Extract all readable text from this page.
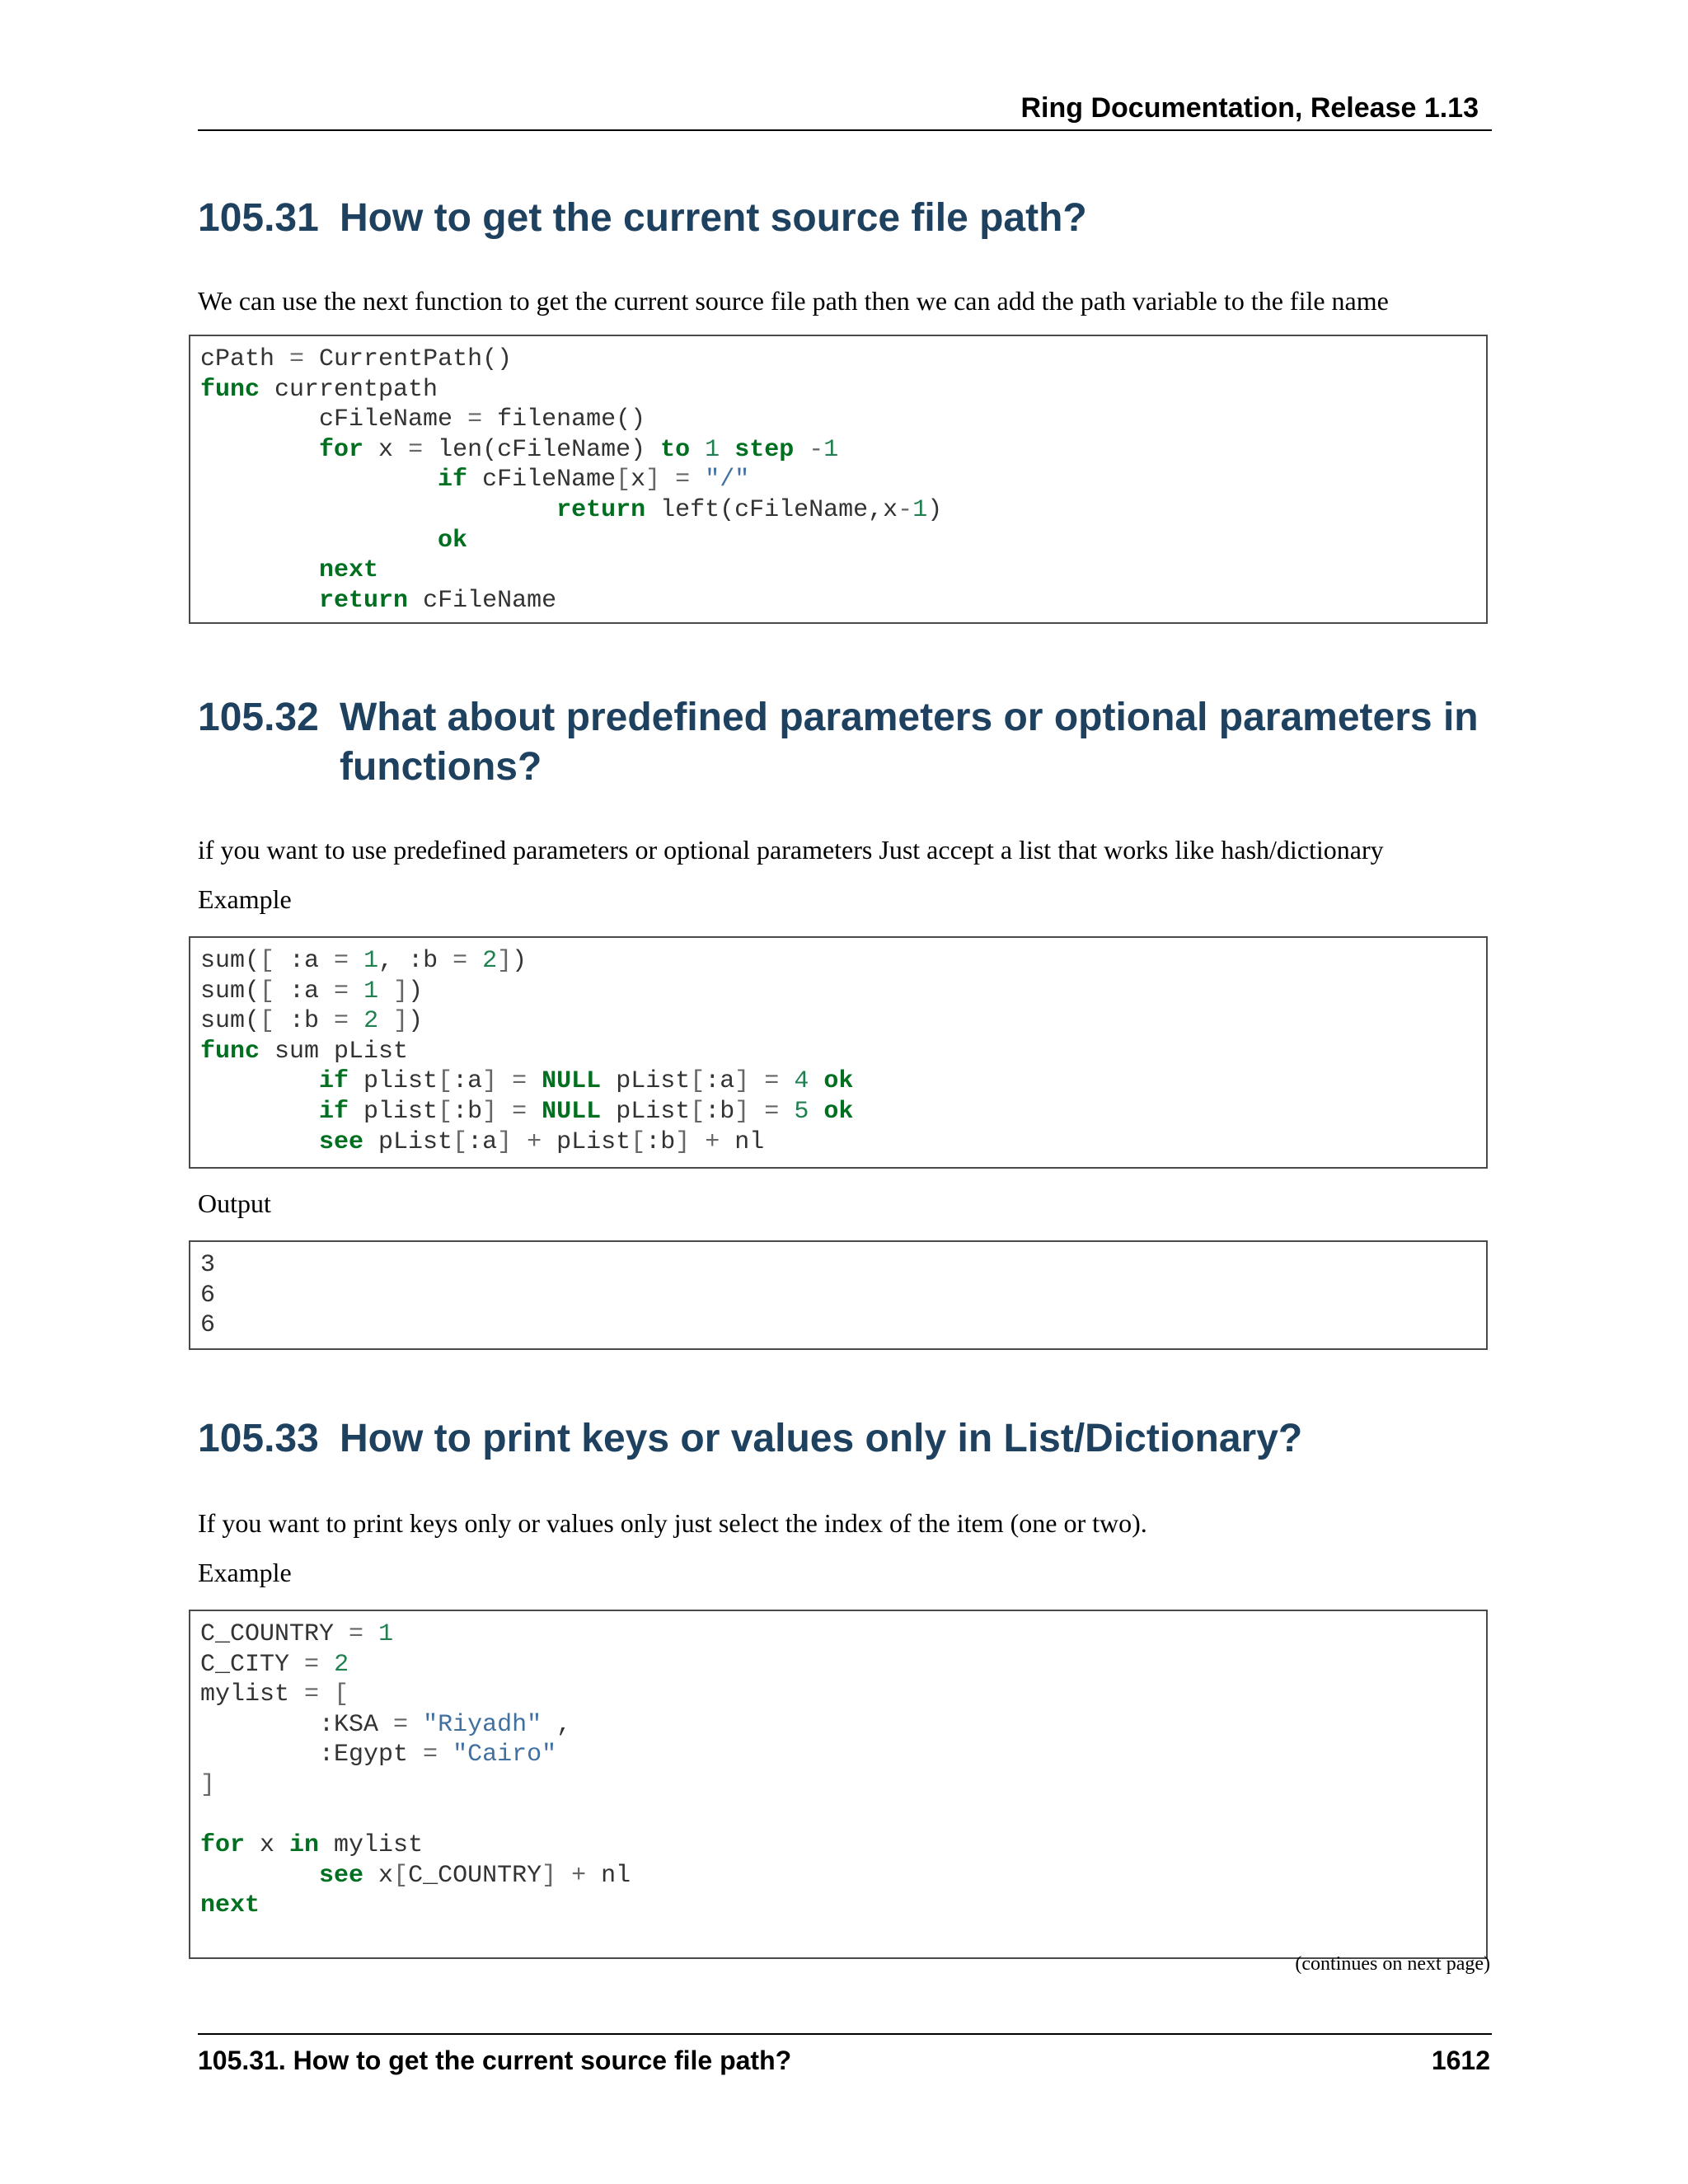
Ring Documentation, Release 1.13
105.31 How to get the current source file path?
We can use the next function to get the current source file path then we can add the path variable to the file name
cPath = CurrentPath()
func currentpath
cFileName = filename()
for x = len(cFileName) to 1 step -1
if cFileName[x] = "/"
return left(cFileName,x-1)
ok
next
return cFileName
105.32 What about predefined parameters or optional parameters in functions?
if you want to use predefined parameters or optional parameters Just accept a list that works like hash/dictionary
Example
sum([ :a = 1, :b = 2])
sum([ :a = 1 ])
sum([ :b = 2 ])
func sum pList
if plist[:a] = NULL pList[:a] = 4 ok
if plist[:b] = NULL pList[:b] = 5 ok
see pList[:a] + pList[:b] + nl
Output
3
6
6
105.33 How to print keys or values only in List/Dictionary?
If you want to print keys only or values only just select the index of the item (one or two).
Example
C_COUNTRY = 1
C_CITY = 2
mylist = [
:KSA = "Riyadh" ,
:Egypt = "Cairo"
]

for x in mylist
see x[C_COUNTRY] + nl
next
(continues on next page)
105.31. How to get the current source file path?	1612
